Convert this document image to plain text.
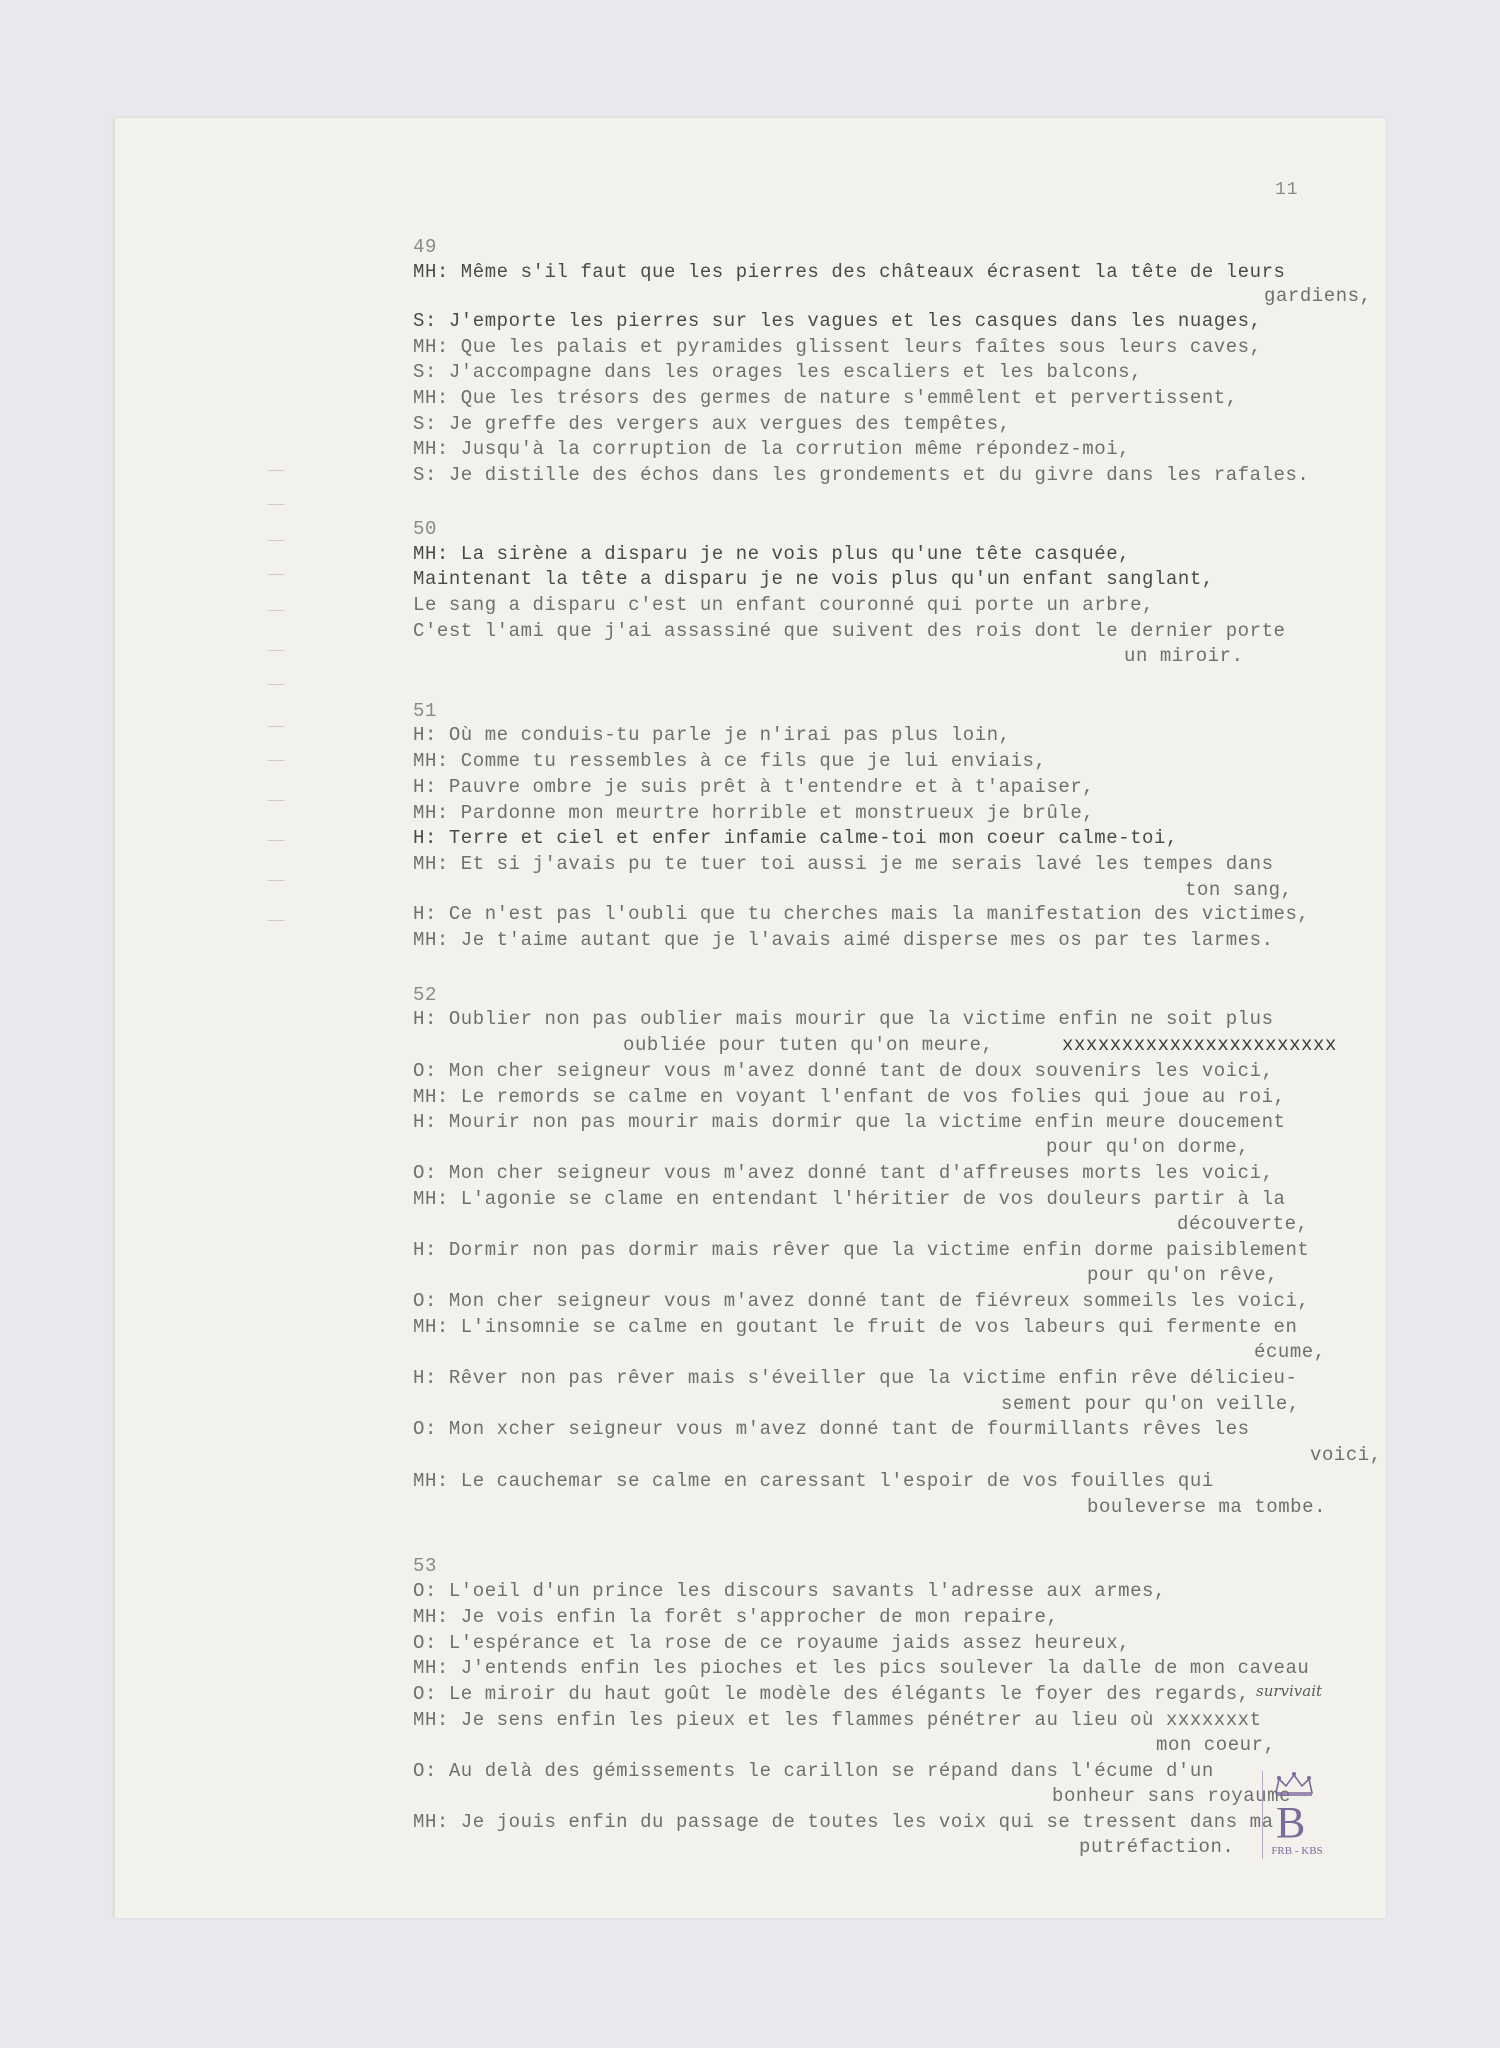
11
49
MH: Même s'il faut que les pierres des châteaux écrasent la tête de leurs
gardiens,
S: J'emporte les pierres sur les vagues et les casques dans les nuages,
MH: Que les palais et pyramides glissent leurs faîtes sous leurs caves,
S: J'accompagne dans les orages les escaliers et les balcons,
MH: Que les trésors des germes de nature s'emmêlent et pervertissent,
S: Je greffe des vergers aux vergues des tempêtes,
MH: Jusqu'à la corruption de la corrution même répondez-moi,
S: Je distille des échos dans les grondements et du givre dans les rafales.
50
MH: La sirène a disparu je ne vois plus qu'une tête casquée,
Maintenant la tête a disparu je ne vois plus qu'un enfant sanglant,
Le sang a disparu c'est un enfant couronné qui porte un arbre,
C'est l'ami que j'ai assassiné que suivent des rois dont le dernier porte
un miroir.
51
H: Où me conduis-tu parle je n'irai pas plus loin,
MH: Comme tu ressembles à ce fils que je lui enviais,
H: Pauvre ombre je suis prêt à t'entendre et à t'apaiser,
MH: Pardonne mon meurtre horrible et monstrueux je brûle,
H: Terre et ciel et enfer infamie calme-toi mon coeur calme-toi,
MH: Et si j'avais pu te tuer toi aussi je me serais lavé les tempes dans
ton sang,
H: Ce n'est pas l'oubli que tu cherches mais la manifestation des victimes,
MH: Je t'aime autant que je l'avais aimé disperse mes os par tes larmes.
52
H: Oublier non pas oublier mais mourir que la victime enfin ne soit plus
oubliée pour tuten qu'on meure,	xxxxxxxxxxxxxxxxxxxxxxx
O: Mon cher seigneur vous m'avez donné tant de doux souvenirs les voici,
MH: Le remords se calme en voyant l'enfant de vos folies qui joue au roi,
H: Mourir non pas mourir mais dormir que la victime enfin meure doucement
pour qu'on dorme,
O: Mon cher seigneur vous m'avez donné tant d'affreuses morts les voici,
MH: L'agonie se clame en entendant l'héritier de vos douleurs partir à la
découverte,
H: Dormir non pas dormir mais rêver que la victime enfin dorme paisiblement
pour qu'on rêve,
O: Mon cher seigneur vous m'avez donné tant de fiévreux sommeils les voici,
MH: L'insomnie se calme en goutant le fruit de vos labeurs qui fermente en
écume,
H: Rêver non pas rêver mais s'éveiller que la victime enfin rêve délicieu-
sement pour qu'on veille,
O: Mon xcher seigneur vous m'avez donné tant de fourmillants rêves les
voici,
MH: Le cauchemar se calme en caressant l'espoir de vos fouilles qui
bouleverse ma tombe.
53
O: L'oeil d'un prince les discours savants l'adresse aux armes,
MH: Je vois enfin la forêt s'approcher de mon repaire,
O: L'espérance et la rose de ce royaume jaids assez heureux,
MH: J'entends enfin les pioches et les pics soulever la dalle de mon caveau
O: Le miroir du haut goût le modèle des élégants le foyer des regards,
MH: Je sens enfin les pieux et les flammes pénétrer au lieu où xxxxxxxt
mon coeur,
O: Au delà des gémissements le carillon se répand dans l'écume d'un
bonheur sans royaume
MH: Je jouis enfin du passage de toutes les voix qui se tressent dans ma
putréfaction.
survivait
B
FRB - KBS
